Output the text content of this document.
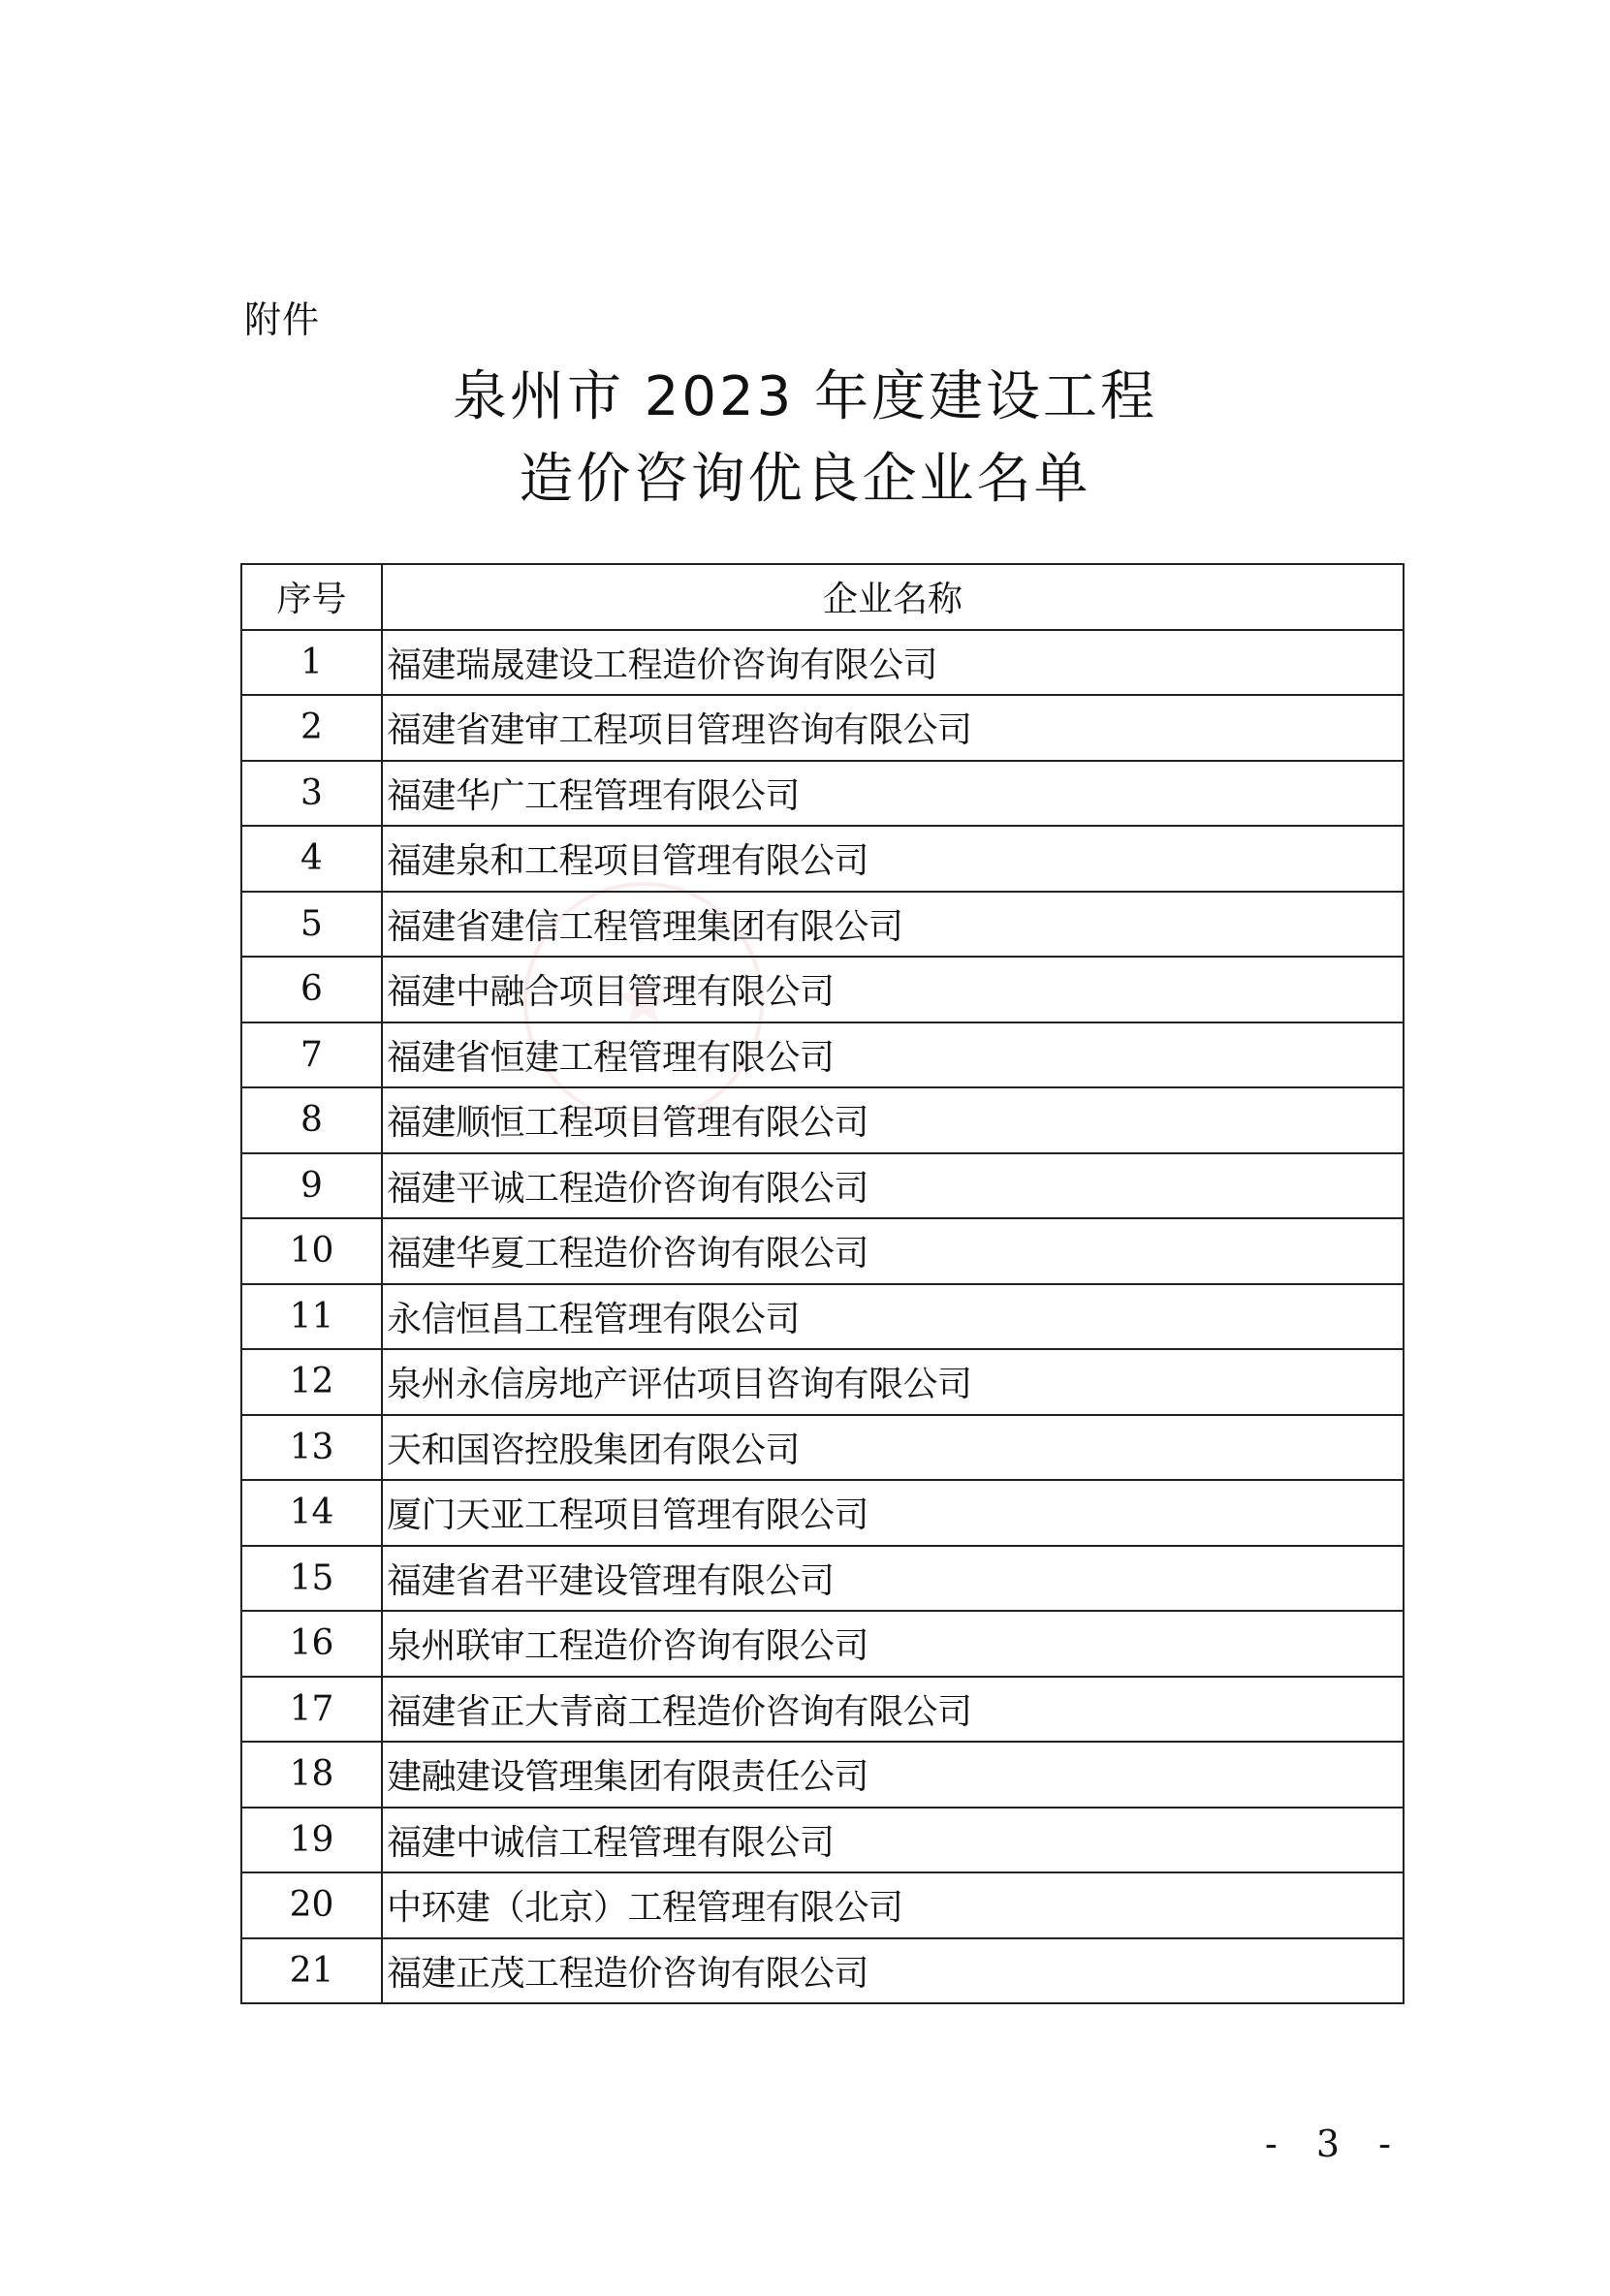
附件
泉州市 2023 年度建设工程
造价咨询优良企业名单
序号	企业名称
1	福建瑞晟建设工程造价咨询有限公司
2	福建省建审工程项目管理咨询有限公司
3	福建华广工程管理有限公司
4	福建泉和工程项目管理有限公司
5	福建省建信工程管理集团有限公司
6	福建中融合项目管理有限公司
7	福建省恒建工程管理有限公司
8	福建顺恒工程项目管理有限公司
9	福建平诚工程造价咨询有限公司
10	福建华夏工程造价咨询有限公司
11	永信恒昌工程管理有限公司
12	泉州永信房地产评估项目咨询有限公司
13	天和国咨控股集团有限公司
14	厦门天亚工程项目管理有限公司
15	福建省君平建设管理有限公司
16	泉州联审工程造价咨询有限公司
17	福建省正大青商工程造价咨询有限公司
18	建融建设管理集团有限责任公司
19	福建中诚信工程管理有限公司
20	中环建（北京）工程管理有限公司
21	福建正茂工程造价咨询有限公司
- 3 -
